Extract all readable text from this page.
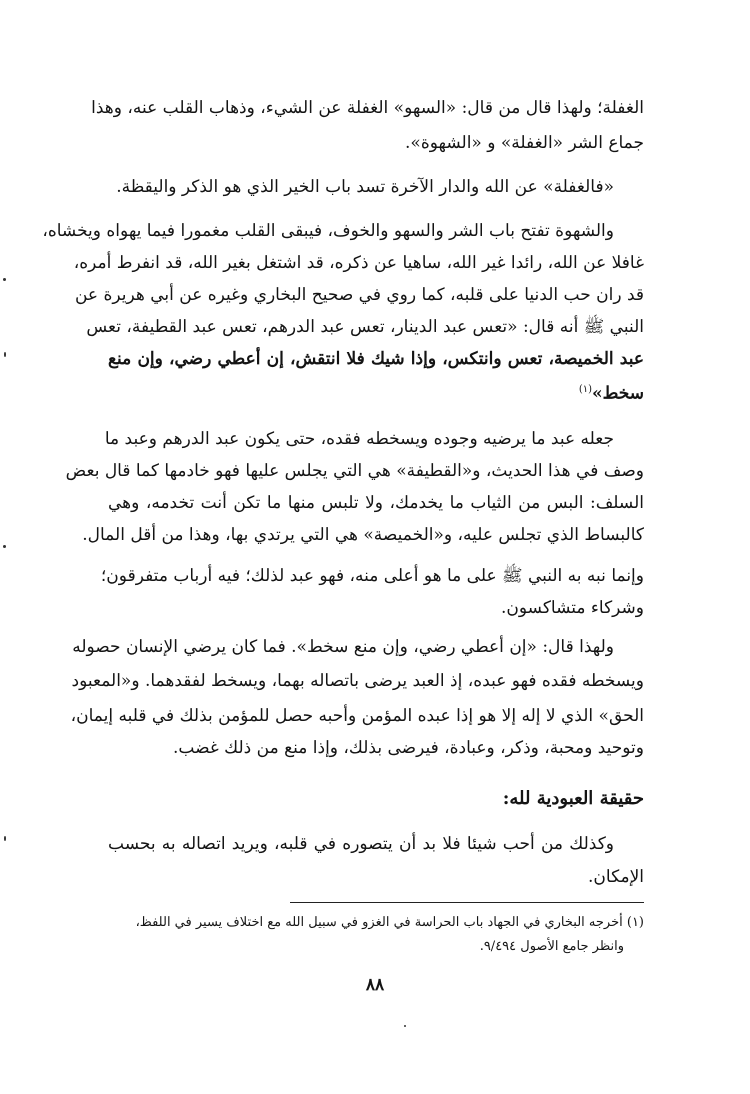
الغفلة؛ ولهذا قال من قال: «السهو» الغفلة عن الشيء، وذهاب القلب عنه، وهذا
جماع الشر «الغفلة» و «الشهوة».
«فالغفلة» عن الله والدار الآخرة تسد باب الخير الذي هو الذكر واليقظة.
والشهوة تفتح باب الشر والسهو والخوف، فيبقى القلب مغمورا فيما يهواه ويخشاه،
غافلا عن الله، رائدا غير الله، ساهيا عن ذكره، قد اشتغل بغير الله، قد انفرط أمره،
قد ران حب الدنيا على قلبه، كما روي في صحيح البخاري وغيره عن أبي هريرة عن
النبي ﷺ أنه قال: «تعس عبد الدينار، تعس عبد الدرهم، تعس عبد القطيفة، تعس
عبد الخميصة، تعس وانتكس، وإذا شيك فلا انتقش، إن أعطي رضي، وإن منع
سخط»$^{(١)}$
جعله عبد ما يرضيه وجوده ويسخطه فقده، حتى يكون عبد الدرهم وعبد ما
وصف في هذا الحديث، و«القطيفة» هي التي يجلس عليها فهو خادمها كما قال بعض
السلف: البس من الثياب ما يخدمك، ولا تلبس منها ما تكن أنت تخدمه، وهي
كالبساط الذي تجلس عليه، و«الخميصة» هي التي يرتدي بها، وهذا من أقل المال.
وإنما نبه به النبي ﷺ على ما هو أعلى منه، فهو عبد لذلك؛ فيه أرباب متفرقون؛
وشركاء متشاكسون.
ولهذا قال: «إن أعطي رضي، وإن منع سخط». فما كان يرضي الإنسان حصوله
ويسخطه فقده فهو عبده، إذ العبد يرضى باتصاله بهما، ويسخط لفقدهما. و«المعبود
الحق» الذي لا إله إلا هو إذا عبده المؤمن وأحبه حصل للمؤمن بذلك في قلبه إيمان،
وتوحيد ومحبة، وذكر، وعبادة، فيرضى بذلك، وإذا منع من ذلك غضب.
حقيقة العبودية لله:
وكذلك من أحب شيئا فلا بد أن يتصوره في قلبه، ويريد اتصاله به بحسب
الإمكان.
(١) أخرجه البخاري في الجهاد باب الحراسة في الغزو في سبيل الله مع اختلاف يسير في اللفظ،
وانظر جامع الأصول ٩/٤٩٤.
٨٨
